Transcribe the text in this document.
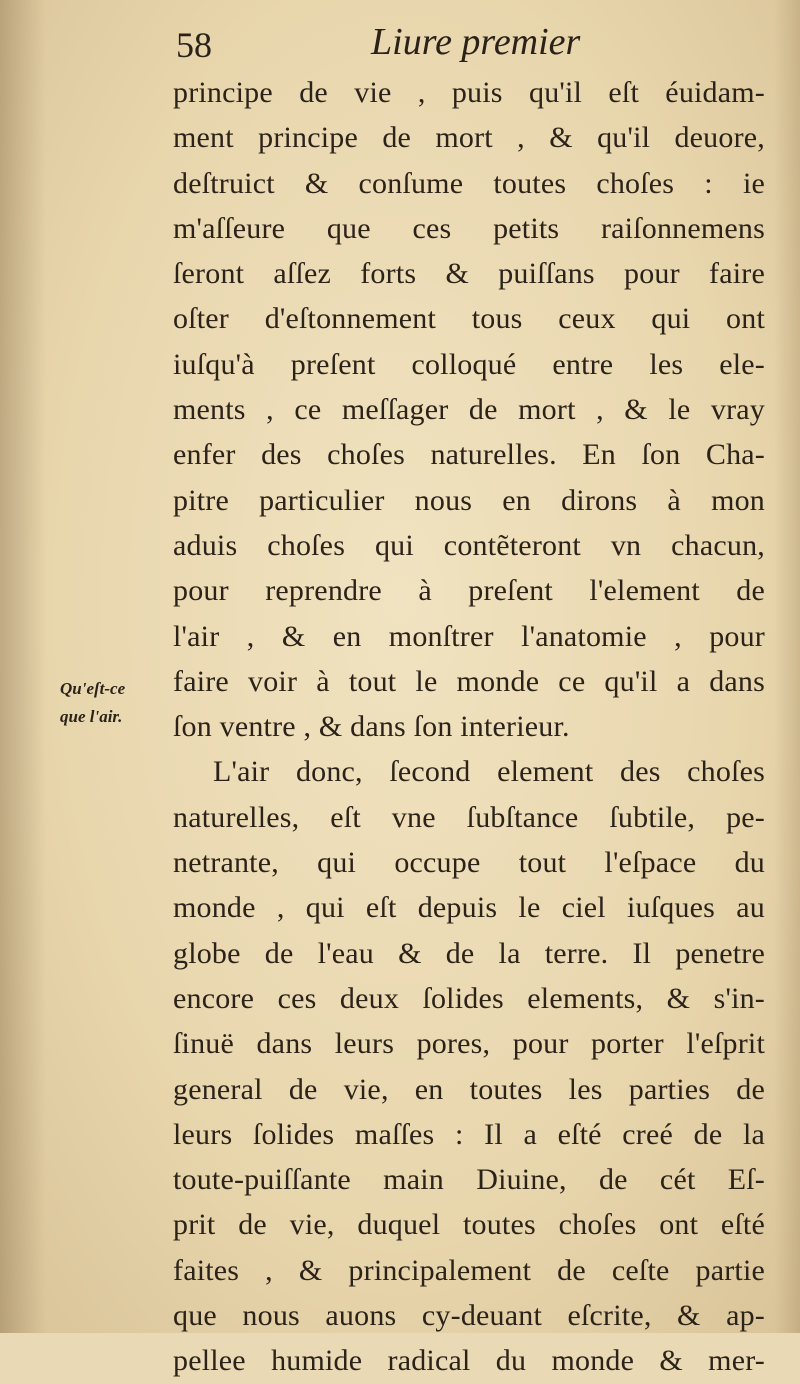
58	Liure premier
Qu'eſt-ce
que l'air.
principe de vie , puis qu'il eſt éuidam-
ment principe de mort , & qu'il deuore,
deſtruict & conſume toutes choſes : ie
m'aſſeure que ces petits raiſonnemens
ſeront aſſez forts & puiſſans pour faire
oſter d'eſtonnement tous ceux qui ont
iuſqu'à preſent colloqué entre les ele-
ments , ce meſſager de mort , & le vray
enfer des choſes naturelles. En ſon Cha-
pitre particulier nous en dirons à mon
aduis choſes qui contẽteront vn chacun,
pour reprendre à preſent l'element de
l'air , & en monſtrer l'anatomie , pour
faire voir à tout le monde ce qu'il a dans
ſon ventre , & dans ſon interieur.
L'air donc, ſecond element des choſes
naturelles, eſt vne ſubſtance ſubtile, pe-
netrante, qui occupe tout l'eſpace du
monde , qui eſt depuis le ciel iuſques au
globe de l'eau & de la terre. Il penetre
encore ces deux ſolides elements, & s'in-
ſinuë dans leurs pores, pour porter l'eſprit
general de vie, en toutes les parties de
leurs ſolides maſſes : Il a eſté creé de la
toute-puiſſante main Diuine, de cét Eſ-
prit de vie, duquel toutes choſes ont eſté
faites , & principalement de ceſte partie
que nous auons cy-deuant eſcrite, & ap-
pellee humide radical du monde & mer-
